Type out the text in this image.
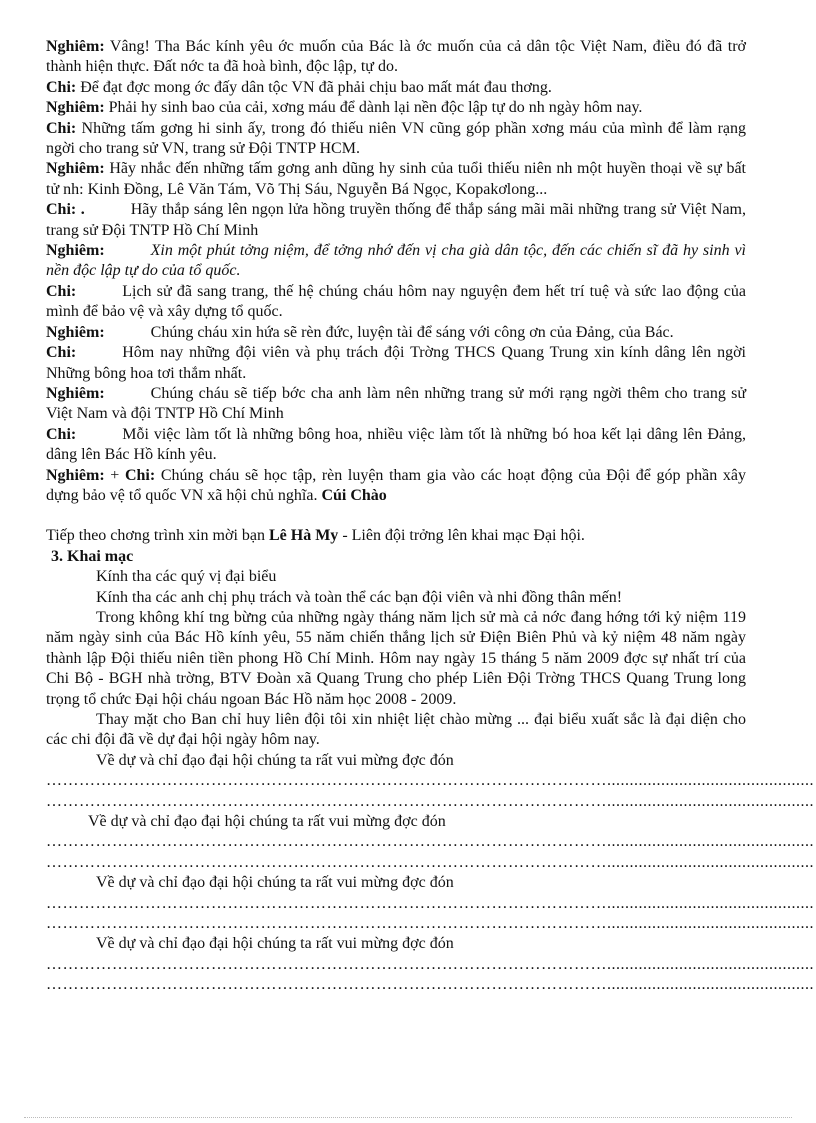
Nghiêm: Vâng! Tha Bác kính yêu ớc muốn của Bác là ớc muốn của cả dân tộc Việt Nam, điều đó đã trở thành hiện thực. Đất nớc ta đã hoà bình, độc lập, tự do.

Chi: Để đạt đợc mong ớc đấy dân tộc VN đã phải chịu bao mất mát đau thơng.

Nghiêm: Phải hy sinh bao của cải, xơng máu để dành lại nền độc lập tự do nh ngày hôm nay.

Chi: Những tấm gơng hi sinh ấy, trong đó thiếu niên VN cũng góp phần xơng máu của mình để làm rạng ngời cho trang sử VN, trang sử Đội TNTP HCM.

Nghiêm: Hãy nhắc đến những tấm gơng anh dũng hy sinh của tuổi thiếu niên nh một huyền thoại về sự bất tử nh: Kinh Đồng, Lê Văn Tám, Võ Thị Sáu, Nguyễn Bá Ngọc, Kopakơlong...

Chi: .	Hãy thắp sáng lên ngọn lửa hồng truyền thống để thắp sáng mãi mãi những trang sử Việt Nam, trang sử Đội TNTP Hồ Chí Minh

Nghiêm:	Xin một phút tởng niệm, để tởng nhớ đến vị cha già dân tộc, đến các chiến sĩ đã hy sinh vì nền độc lập tự do của tổ quốc.

Chi:	Lịch sử đã sang trang, thế hệ chúng cháu hôm nay nguyện đem hết trí tuệ và sức lao động của mình để bảo vệ và xây dựng tổ quốc.

Nghiêm:	Chúng cháu xin hứa sẽ rèn đức, luyện tài để sáng với công ơn của Đảng, của Bác.

Chi:	Hôm nay những đội viên và phụ trách đội Trờng THCS Quang Trung xin kính dâng lên ngời Những bông hoa tơi thắm nhất.

Nghiêm:	Chúng cháu sẽ tiếp bớc cha anh làm nên những trang sử mới rạng ngời thêm cho trang sử Việt Nam và đội TNTP Hồ Chí Minh

Chi:	Mỗi việc làm tốt là những bông hoa, nhiều việc làm tốt là những bó hoa kết lại dâng lên Đảng, dâng lên Bác Hồ kính yêu.

Nghiêm: + Chi: Chúng cháu sẽ học tập, rèn luyện tham gia vào các hoạt động của Đội để góp phần xây dựng bảo vệ tổ quốc VN xã hội chủ nghĩa. Cúi Chào

Tiếp theo chơng trình xin mời bạn Lê Hà My - Liên đội trởng lên khai mạc Đại hội.

3. Khai mạc

Kính tha các quý vị đại biểu

Kính tha các anh chị phụ trách và toàn thể các bạn đội viên và nhi đồng thân mến!

Trong không khí tng bừng của những ngày tháng năm lịch sử mà cả nớc đang hớng tới kỷ niệm 119 năm ngày sinh của Bác Hồ kính yêu, 55 năm chiến thắng lịch sử Điện Biên Phủ và kỷ niệm 48 năm ngày thành lập Đội thiếu niên tiền phong Hồ Chí Minh. Hôm nay ngày 15 tháng 5 năm 2009 đợc sự nhất trí của Chi Bộ - BGH nhà trờng, BTV Đoàn xã Quang Trung cho phép Liên Đội Trờng THCS Quang Trung long trọng tổ chức Đại hội cháu ngoan Bác Hồ năm học 2008 - 2009.

Thay mặt cho Ban chỉ huy liên đội tôi xin nhiệt liệt chào mừng ... đại biểu xuất sắc là đại diện cho các chi đội đã về dự đại hội ngày hôm nay.

Về dự và chỉ đạo đại hội chúng ta rất vui mừng đợc đón

…………………………………………………………………………………………..............................................
…………………………………………………………………………………………..............................................

Về dự và chỉ đạo đại hội chúng ta rất vui mừng đợc đón

…………………………………………………………………………………………..............................................
…………………………………………………………………………………………..............................................

Về dự và chỉ đạo đại hội chúng ta rất vui mừng đợc đón

…………………………………………………………………………………………..............................................
…………………………………………………………………………………………..............................................

Về dự và chỉ đạo đại hội chúng ta rất vui mừng đợc đón

…………………………………………………………………………………………..............................................
…………………………………………………………………………………………..............................................
